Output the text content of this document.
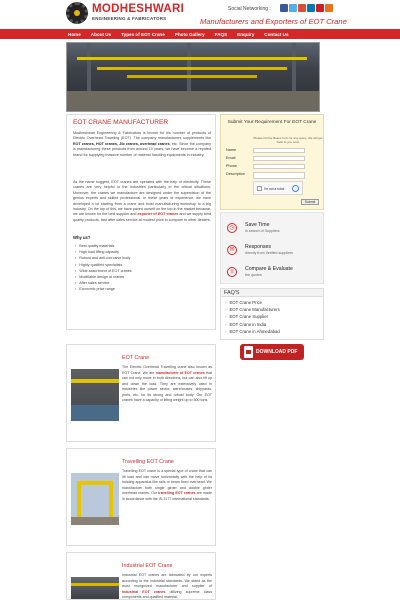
MODHESHWARI
ENGINEERING & FABRICATORS
Social Networking :
Manufacturers and Exporters of EOT Crane
Home About Us Types of EOT Crane Photo Gallery FAQS Enquiry Contact Us
EOT CRANE MANUFACTURER

Modheshwari Engineering & Fabricators is known for his number of products of Electric Overhead Traveling (EOT). The company manufacturers supplements like EOT cranes, HOT cranes, Jib cranes, overhead cranes, etc. Since the company is manufacturing these products from around 10 years, we have become a reputed brand for supplying massive number of material handling equipments in industry.

As the name suggest, EOT cranes are operated with the help of electricity. These cranes are very helpful in the industries particularly in the critical situations. Moreover, the cranes we manufacture are designed under the supervision of the genius experts and skilled professional. In these years of experience, we have developed a lot starting from a crane and hoist manufacturing workshop to a big industry. On the top of this, we have paved ourself on the top in the market because, we are known for the best supplier and exporter of EOT cranes and we supply best quality products, fast after sales service at modest price in compare to other dealers.

Why us?
▪ Best quality materials
▪ High load lifting capacity
▪ Robust and anti-corrosive body
▪ Highly qualified specialists
▪ Wide assortment of EOT cranes
▪ Modifiable design of cranes
▪ After sales service
▪ Economic price range
Submit Your Requirement For EOT Crane
Please Fill the Below form for any query. We will get back to you soon
Name
Email
Phone
Description
I'm not a robot
Submit
◷	Save Time
in search of Suppliers
✉	Responses
directly from Verified suppliers
≡	Compare & Evaluate
the quotes
FAQ'S
› EOT Crane Price
› EOT Crane Manufacturers
› EOT Crane Supplier
› EOT Crane in India
› EOT Crane in Ahmedabad
DOWNLOAD PDF
EOT Crane
The Electric Overhead Travelling crane also known as EOT Crane. We are manufacturer of EOT cranes that can not only move in both directions, but can also lift up and down the load. They are extensively used in industries like power sector, warehouses, shipyards, ports, etc. for its strong and robust body. Our EOT cranes have a capacity of lifting weight up to 500 tons.
Travelling EOT Crane
Travelling EOT crane is a special type of crane that can lift load and can move horizontally with the help of its hoisting apparatus like rails or beam fixed overhead. We manufacture both single girder and double girder overhead cranes. Our travelling EOT cranes are made in accordance with the IS-3177 international standards.
Industrial EOT Crane
Industrial EOT cranes are fabricated by our experts according to the industrial standards. We stand as the most recognized manufacturer and supplier of industrial EOT cranes utilizing supreme class components and qualified material.
